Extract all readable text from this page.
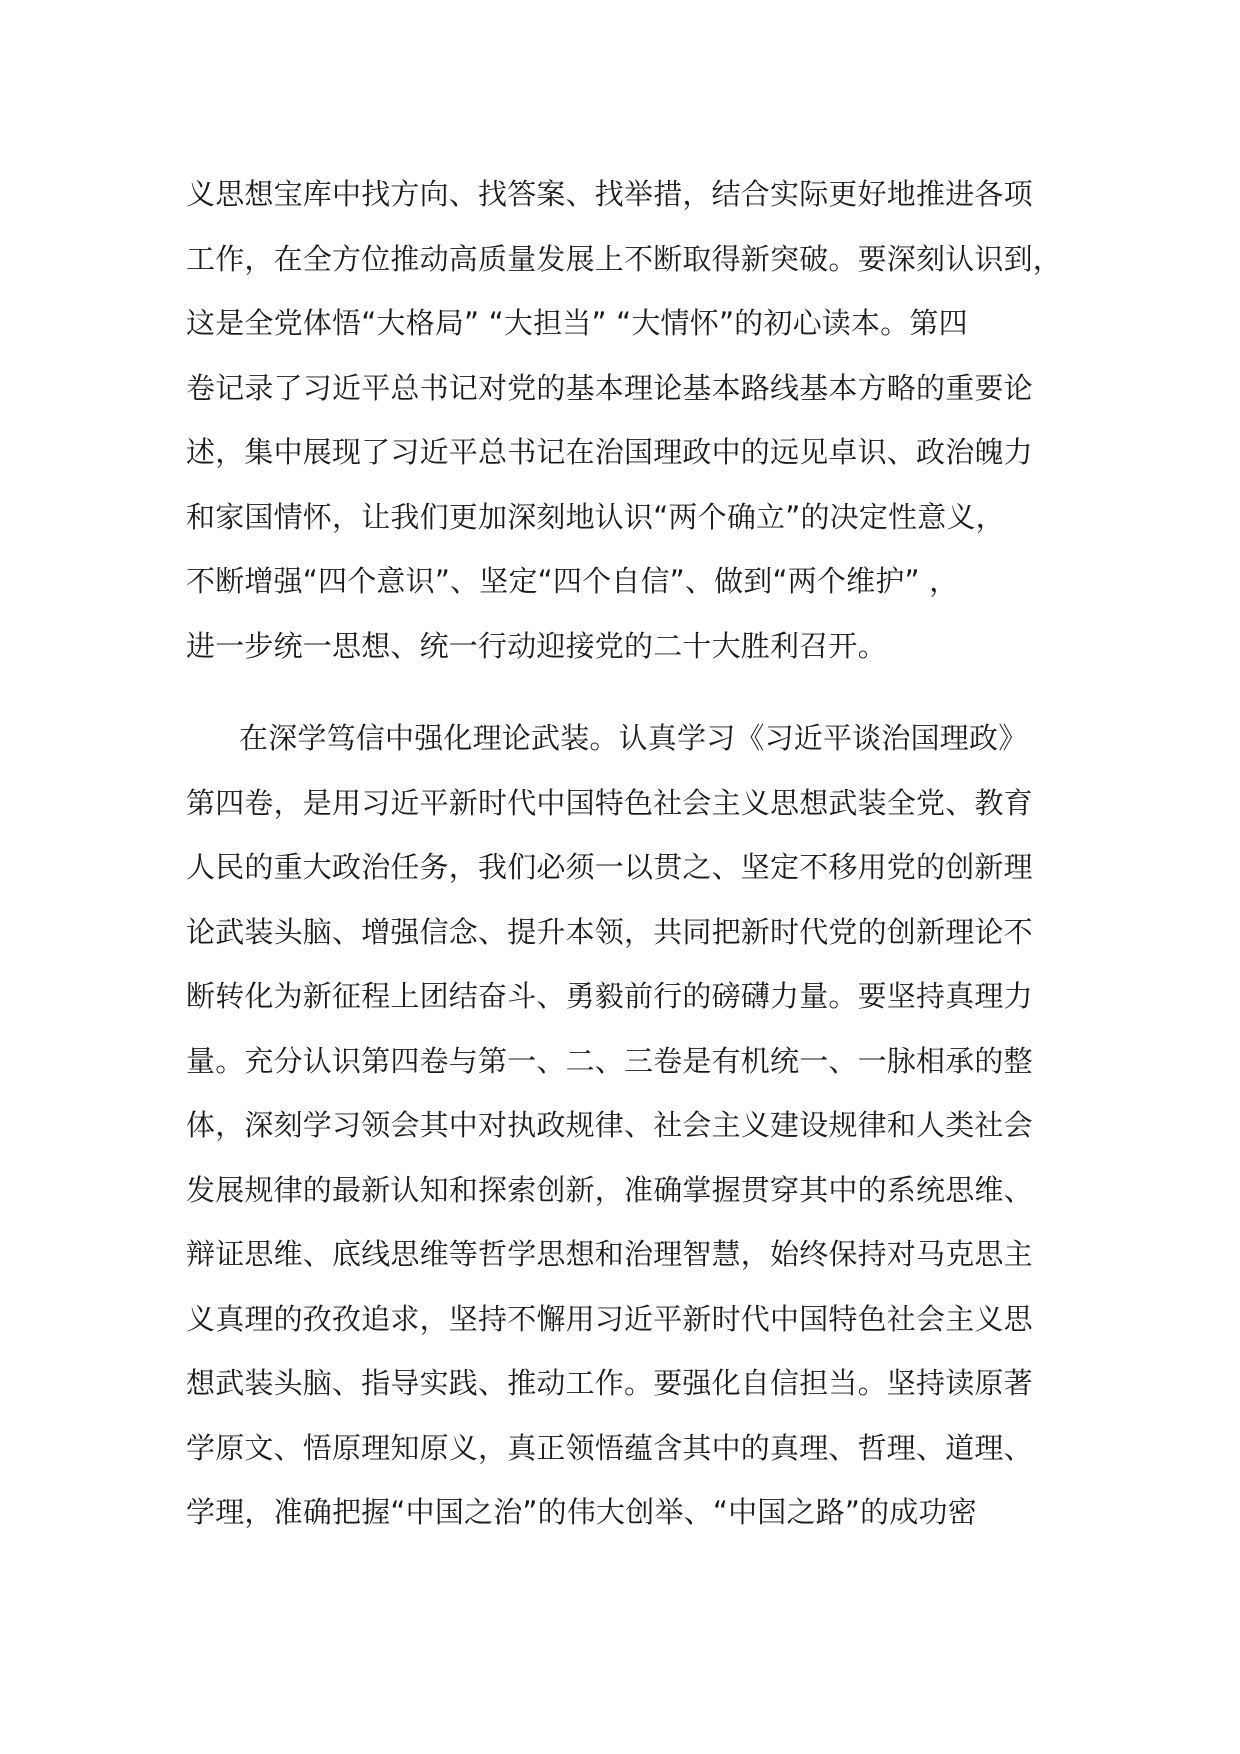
义思想宝库中找方向、找答案、找举措，结合实际更好地推进各项
工作，在全方位推动高质量发展上不断取得新突破。要深刻认识到，
这是全党体悟“大格局” “大担当” “大情怀”的初心读本。第四
卷记录了习近平总书记对党的基本理论基本路线基本方略的重要论
述，集中展现了习近平总书记在治国理政中的远见卓识、政治魄力
和家国情怀，让我们更加深刻地认识“两个确立”的决定性意义，
不断增强“四个意识”、坚定“四个自信”、做到“两个维护” ，
进一步统一思想、统一行动迎接党的二十大胜利召开。
在深学笃信中强化理论武装。认真学习《习近平谈治国理政》
第四卷，是用习近平新时代中国特色社会主义思想武装全党、教育
人民的重大政治任务，我们必须一以贯之、坚定不移用党的创新理
论武装头脑、增强信念、提升本领，共同把新时代党的创新理论不
断转化为新征程上团结奋斗、勇毅前行的磅礴力量。要坚持真理力
量。充分认识第四卷与第一、二、三卷是有机统一、一脉相承的整
体，深刻学习领会其中对执政规律、社会主义建设规律和人类社会
发展规律的最新认知和探索创新，准确掌握贯穿其中的系统思维、
辩证思维、底线思维等哲学思想和治理智慧，始终保持对马克思主
义真理的孜孜追求，坚持不懈用习近平新时代中国特色社会主义思
想武装头脑、指导实践、推动工作。要强化自信担当。坚持读原著
学原文、悟原理知原义，真正领悟蕴含其中的真理、哲理、道理、
学理，准确把握“中国之治”的伟大创举、“中国之路”的成功密
